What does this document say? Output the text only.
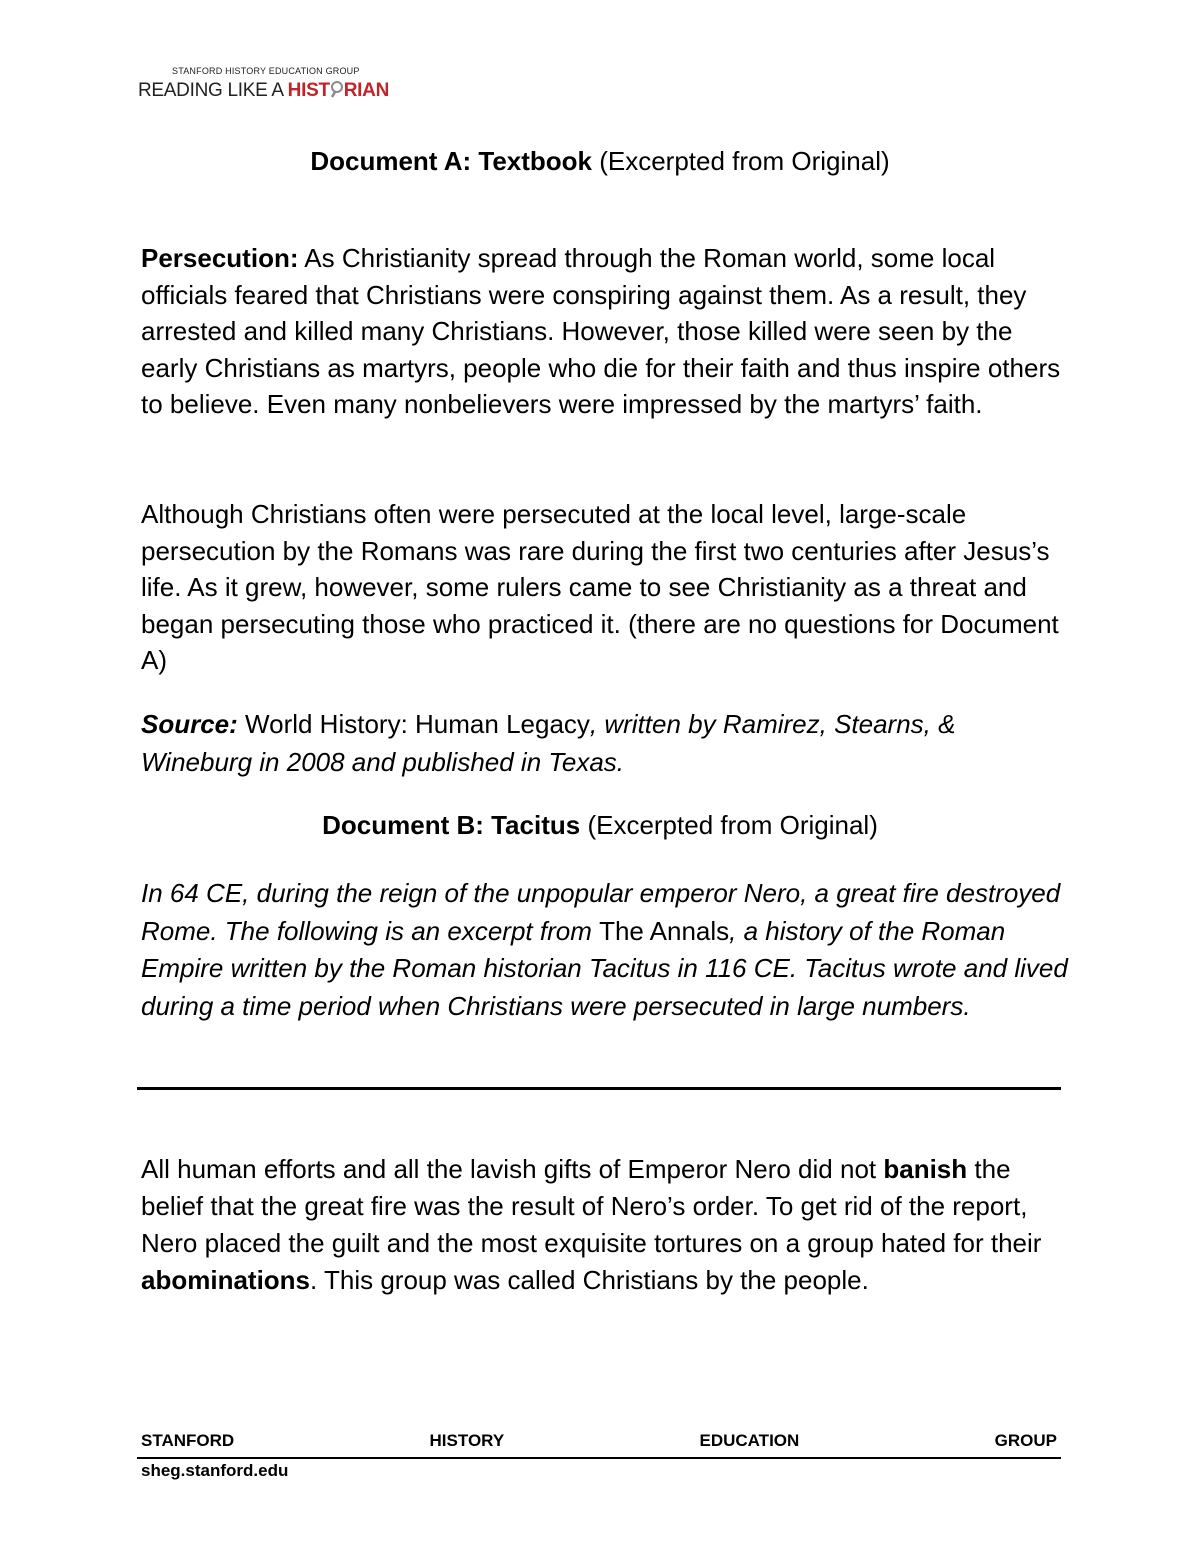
STANFORD HISTORY EDUCATION GROUP
READING LIKE A HIST RIAN
Document A: Textbook (Excerpted from Original)
Persecution: As Christianity spread through the Roman world, some local officials feared that Christians were conspiring against them. As a result, they arrested and killed many Christians. However, those killed were seen by the early Christians as martyrs, people who die for their faith and thus inspire others to believe. Even many nonbelievers were impressed by the martyrs’ faith.
Although Christians often were persecuted at the local level, large-scale persecution by the Romans was rare during the first two centuries after Jesus’s life. As it grew, however, some rulers came to see Christianity as a threat and began persecuting those who practiced it. (there are no questions for Document A)
Source: World History: Human Legacy, written by Ramirez, Stearns, & Wineburg in 2008 and published in Texas.
Document B: Tacitus (Excerpted from Original)
In 64 CE, during the reign of the unpopular emperor Nero, a great fire destroyed Rome. The following is an excerpt from The Annals, a history of the Roman Empire written by the Roman historian Tacitus in 116 CE. Tacitus wrote and lived during a time period when Christians were persecuted in large numbers.
All human efforts and all the lavish gifts of Emperor Nero did not banish the belief that the great fire was the result of Nero’s order. To get rid of the report, Nero placed the guilt and the most exquisite tortures on a group hated for their abominations. This group was called Christians by the people.
STANFORD	HISTORY	EDUCATION	GROUP
sheg.stanford.edu
